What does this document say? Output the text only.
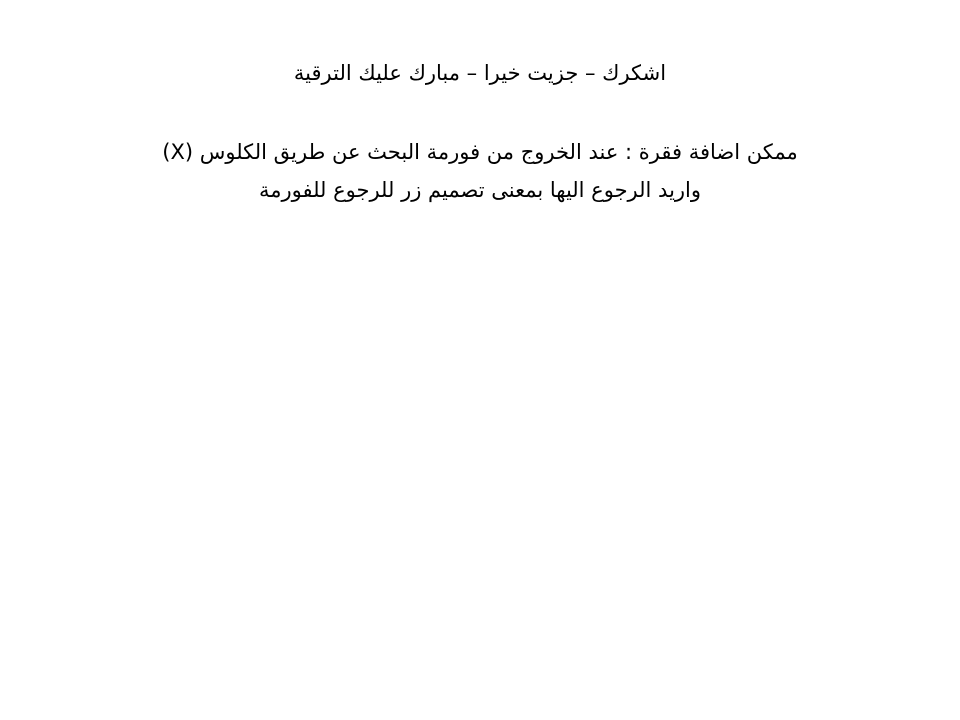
اشكرك – جزيت خيرا – مبارك عليك الترقية
ممكن اضافة فقرة : عند الخروج من فورمة البحث عن طريق الكلوس (X)
واريد الرجوع اليها بمعنى تصميم زر للرجوع للفورمة
